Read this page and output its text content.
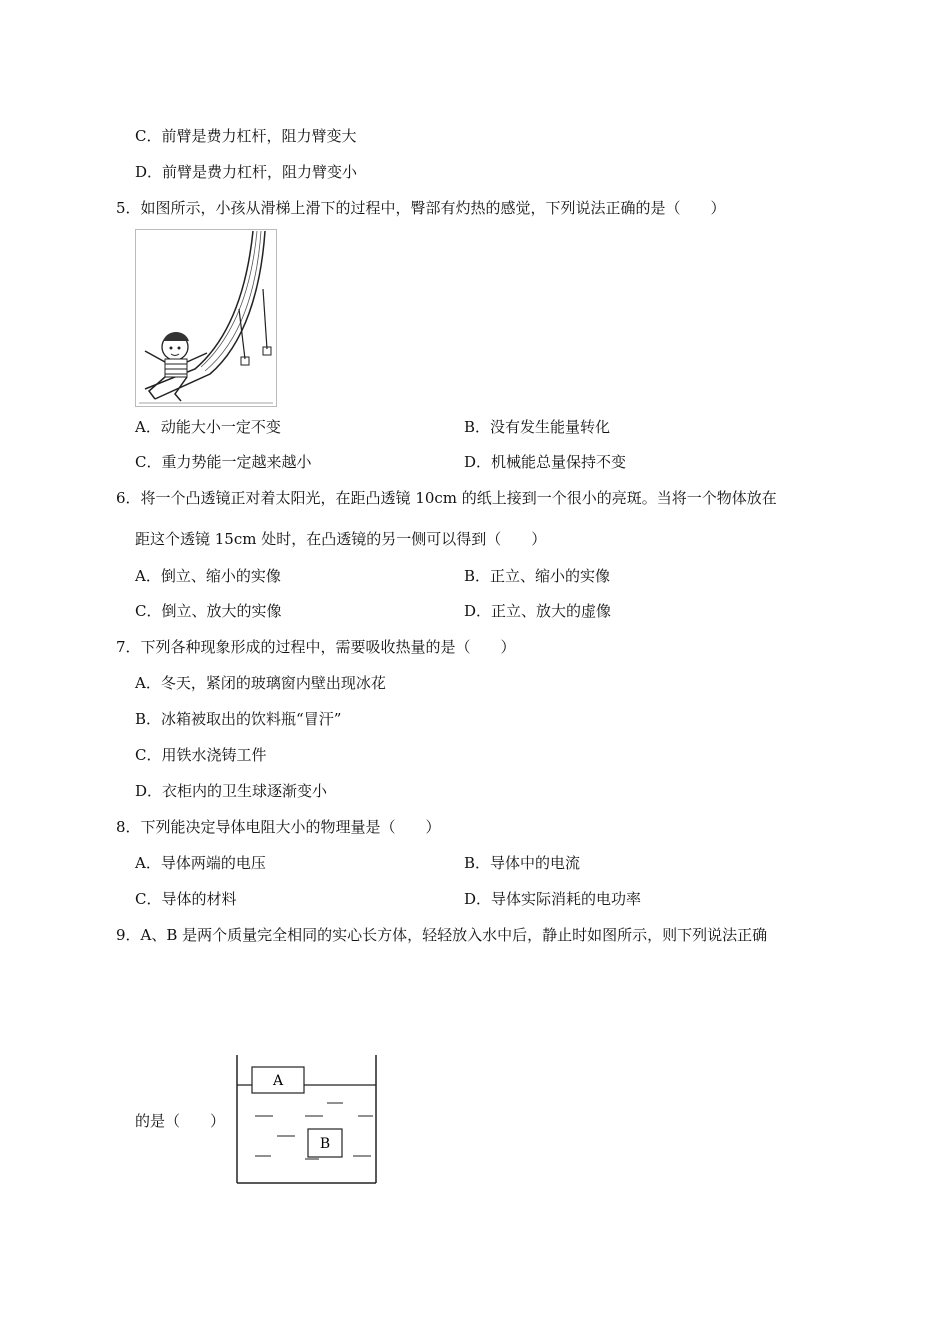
C．前臂是费力杠杆，阻力臂变大
D．前臂是费力杠杆，阻力臂变小
5．如图所示，小孩从滑梯上滑下的过程中，臀部有灼热的感觉，下列说法正确的是（　　）
A．动能大小一定不变	B．没有发生能量转化
C．重力势能一定越来越小	D．机械能总量保持不变
6．将一个凸透镜正对着太阳光，在距凸透镜 10cm 的纸上接到一个很小的亮斑。当将一个物体放在
距这个透镜 15cm 处时，在凸透镜的另一侧可以得到（　　）
A．倒立、缩小的实像	B．正立、缩小的实像
C．倒立、放大的实像	D．正立、放大的虚像
7．下列各种现象形成的过程中，需要吸收热量的是（　　）
A．冬天，紧闭的玻璃窗内壁出现冰花
B．冰箱被取出的饮料瓶“冒汗”
C．用铁水浇铸工件
D．衣柜内的卫生球逐渐变小
8．下列能决定导体电阻大小的物理量是（　　）
A．导体两端的电压	B．导体中的电流
C．导体的材料	D．导体实际消耗的电功率
9．A、B 是两个质量完全相同的实心长方体，轻轻放入水中后，静止时如图所示，则下列说法正确
的是（　　）
A
B
